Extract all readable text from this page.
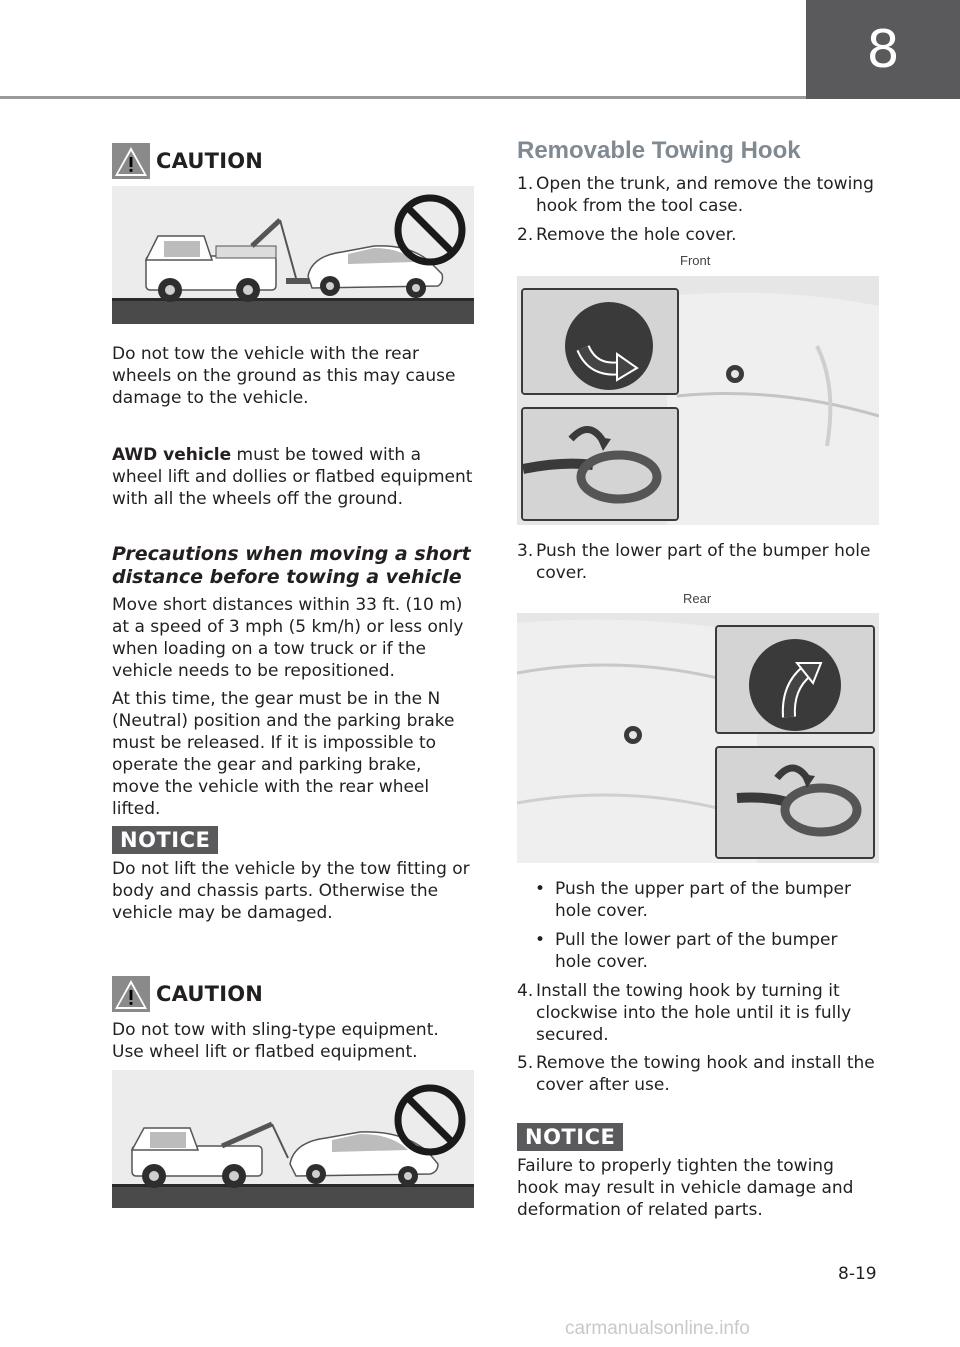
8
CAUTION

Do not tow the vehicle with the rear wheels on the ground as this may cause damage to the vehicle.

AWD vehicle must be towed with a wheel lift and dollies or flatbed equipment with all the wheels off the ground.

Precautions when moving a short distance before towing a vehicle

Move short distances within 33 ft. (10 m) at a speed of 3 mph (5 km/h) or less only when loading on a tow truck or if the vehicle needs to be repositioned.

At this time, the gear must be in the N (Neutral) position and the parking brake must be released. If it is impossible to operate the gear and parking brake, move the vehicle with the rear wheel lifted.

NOTICE

Do not lift the vehicle by the tow fitting or body and chassis parts. Otherwise the vehicle may be damaged.

CAUTION

Do not tow with sling-type equipment. Use wheel lift or flatbed equipment.

Removable Towing Hook
1. Open the trunk, and remove the towing hook from the tool case.
2. Remove the hole cover.
Front
3. Push the lower part of the bumper hole cover.
Rear
• Push the upper part of the bumper hole cover.
• Pull the lower part of the bumper hole cover.
4. Install the towing hook by turning it clockwise into the hole until it is fully secured.
5. Remove the towing hook and install the cover after use.
NOTICE

Failure to properly tighten the towing hook may result in vehicle damage and deformation of related parts.

8-19
carmanualsonline.info
